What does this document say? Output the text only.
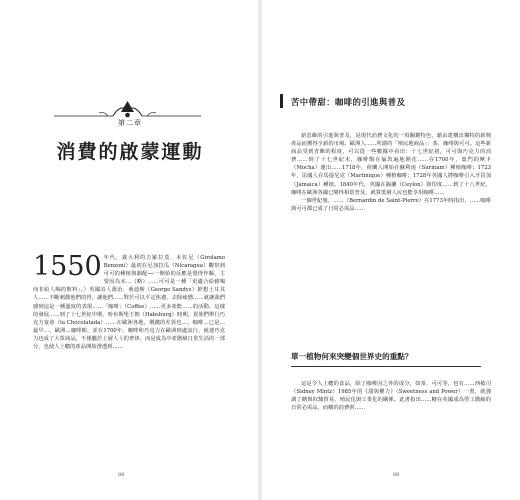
第二章
消費的啟蒙運動
1550 年代，義大利的吉羅拉莫．本佐尼（Girolamo Benzoni）最初在尼加拉瓜（Nicaragua）觀察到可可的種植與調配──一開始的反應是覺得作嘔，主要因為本…（略）……可可是一種「更適合給豬喝而非給人喝的飲料」。）英國詩人喬治．桑迪斯（George Sandys）推想土耳其人……不斷刺激他們的胃，讓他們……對於可以平定焦慮、去除疲憊……就讓我們感到這是一種溫度的表現……「咖啡」（Coffee）……更多產能……的活動。這樣的發展……到了十七世紀中期，哈布斯堡王朝（Habsburg）時期，貴族們舉行巧克力宴會（la Chocolatada）……在歐洲各地，價錢的差異也…，咖啡…已是…最早…，歐洲…咖啡館，並在1700年，咖啡和巧克力在歐洲到處流行，就連巧克力也成了大眾商品，不僅屬於上層人士的奢侈，而是成為中產階級日常生活的一部分，也使人上癮的產品開始滲透到……
88
苦中帶甜：咖啡的引進與普及

新思維的引進與普及，是現代消費文化的一項關鍵特色，藉由建構出獨特的新興產品而獲得全新的市場。歐洲人……所謂的「殖民地商品」：茶、咖啡與可可。這些新商品受到青睞的程度，可以從一些數據中看出：十七世紀初，可可與巧克力的消費……到了十七世紀末，咖啡館在倫敦遍地開花……在1700年，葉門的摩卡（Mocha）運出……1718年，荷蘭人開始在蘇利南（Surinam）種植咖啡；1723年，法國人在馬提尼克（Martinique）種植咖啡；1728年英國人將咖啡引入牙買加（Jamaica）種植。1840年代，英國在錫蘭（Ceylon）與印度……到了十八世紀，咖啡在歐洲各國已變得相當普及，就算低層人民也能享用咖啡……

一個世紀後，……（Bernardin de Saint-Pierre）在1773年時指出，……咖啡與可可都已成了日常必需品……

單一植物何來突變個世界史的重點？

這是令人上癮的食品，除了咖啡因之外的成分，如茶、可可等，也有……西敏司（Sidney Mintz）1985年的《甜與權力》（Sweetness and Power）一書，就強調了糖與奴隸貿易、殖民化與工業化的關係。此書指出……糖在英國成為勞工階級的日常必需品，而糖的消費則……

89
